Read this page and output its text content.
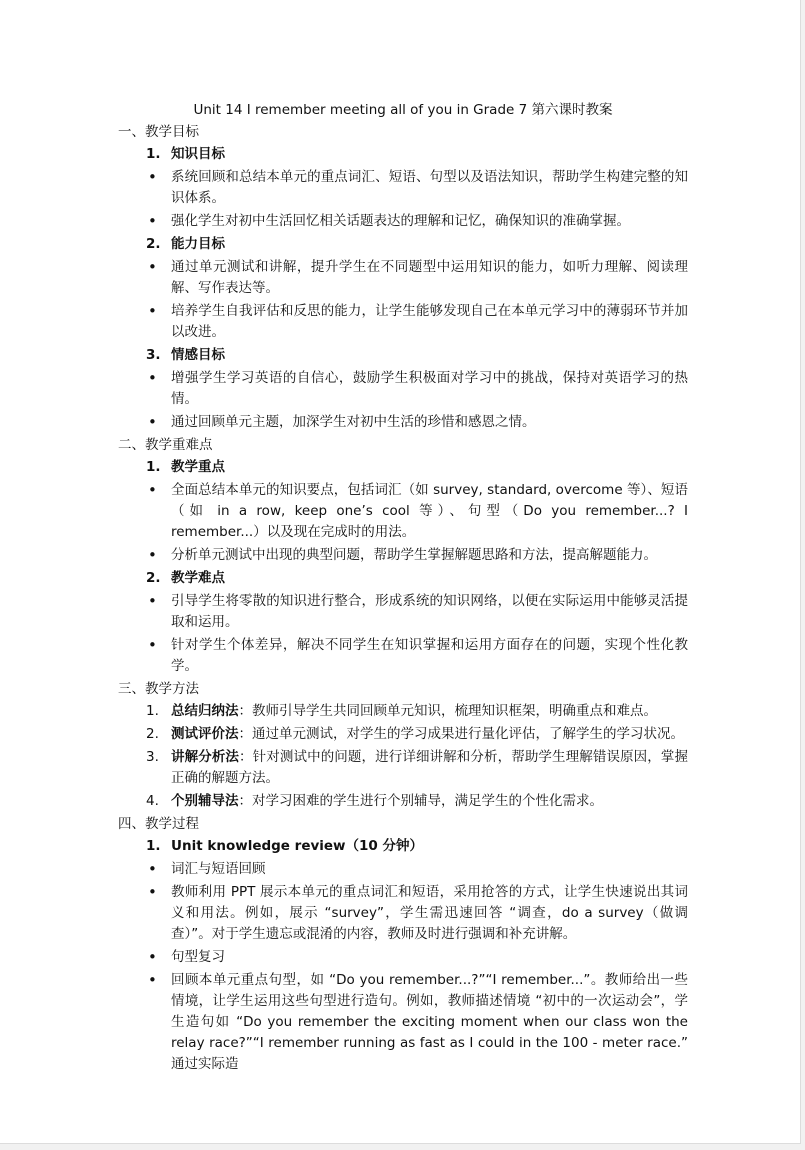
Unit 14 I remember meeting all of you in Grade 7 第六课时教案
一、教学目标
1. 知识目标
• 系统回顾和总结本单元的重点词汇、短语、句型以及语法知识，帮助学生构建完整的知识体系。
• 强化学生对初中生活回忆相关话题表达的理解和记忆，确保知识的准确掌握。
2. 能力目标
• 通过单元测试和讲解，提升学生在不同题型中运用知识的能力，如听力理解、阅读理解、写作表达等。
• 培养学生自我评估和反思的能力，让学生能够发现自己在本单元学习中的薄弱环节并加以改进。
3. 情感目标
• 增强学生学习英语的自信心，鼓励学生积极面对学习中的挑战，保持对英语学习的热情。
• 通过回顾单元主题，加深学生对初中生活的珍惜和感恩之情。
二、教学重难点
1. 教学重点
• 全面总结本单元的知识要点，包括词汇（如 survey, standard, overcome 等）、短语（如 in a row, keep one’s cool 等）、句型（Do you remember...? I remember...）以及现在完成时的用法。
• 分析单元测试中出现的典型问题，帮助学生掌握解题思路和方法，提高解题能力。
2. 教学难点
• 引导学生将零散的知识进行整合，形成系统的知识网络，以便在实际运用中能够灵活提取和运用。
• 针对学生个体差异，解决不同学生在知识掌握和运用方面存在的问题，实现个性化教学。
三、教学方法
1. 总结归纳法：教师引导学生共同回顾单元知识，梳理知识框架，明确重点和难点。
2. 测试评价法：通过单元测试，对学生的学习成果进行量化评估，了解学生的学习状况。
3. 讲解分析法：针对测试中的问题，进行详细讲解和分析，帮助学生理解错误原因，掌握正确的解题方法。
4. 个别辅导法：对学习困难的学生进行个别辅导，满足学生的个性化需求。
四、教学过程
1. Unit knowledge review（10 分钟）
• 词汇与短语回顾
• 教师利用 PPT 展示本单元的重点词汇和短语，采用抢答的方式，让学生快速说出其词义和用法。例如，展示 “survey”，学生需迅速回答 “调查，do a survey（做调查）”。对于学生遗忘或混淆的内容，教师及时进行强调和补充讲解。
• 句型复习
• 回顾本单元重点句型，如 “Do you remember...?”“I remember...”。教师给出一些情境，让学生运用这些句型进行造句。例如，教师描述情境 “初中的一次运动会”，学生造句如 “Do you remember the exciting moment when our class won the relay race?”“I remember running as fast as I could in the 100 - meter race.” 通过实际造
